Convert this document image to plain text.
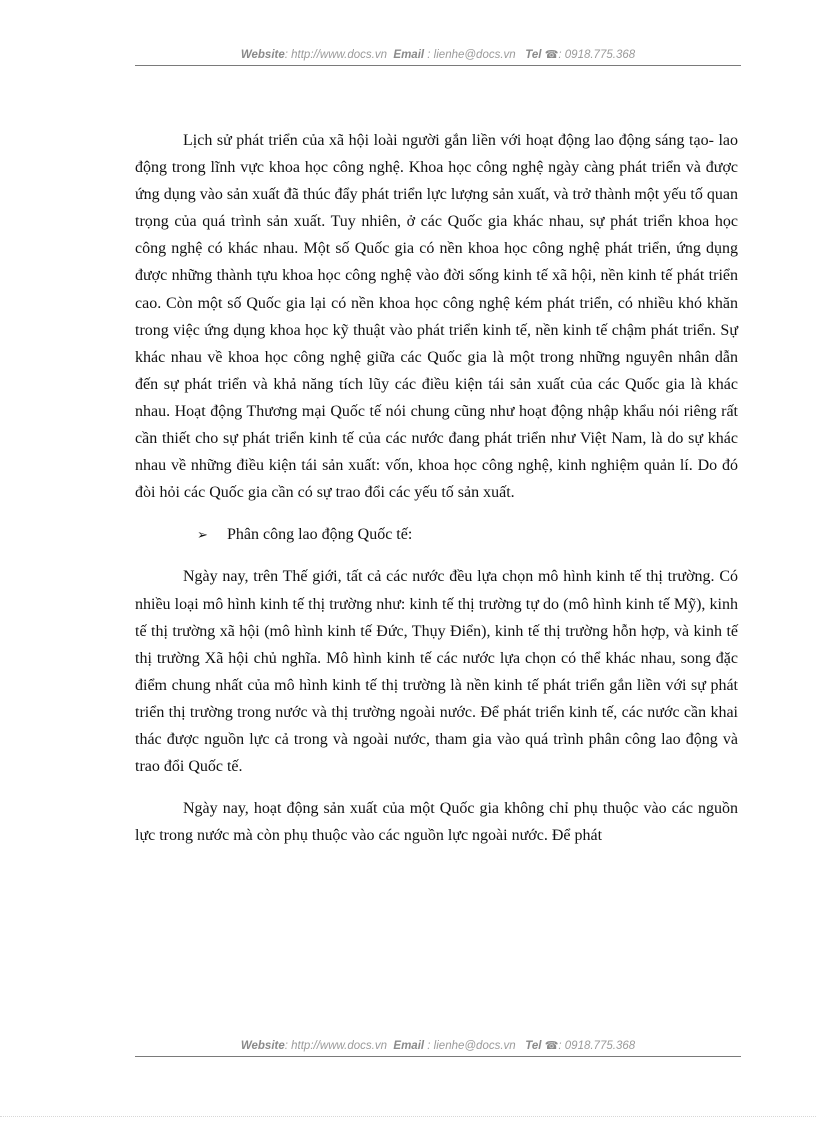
Website: http://www.docs.vn Email : lienhe@docs.vn Tel ☎: 0918.775.368

Lịch sử phát triển của xã hội loài người gắn liền với hoạt động lao động sáng tạo- lao động trong lĩnh vực khoa học công nghệ. Khoa học công nghệ ngày càng phát triển và được ứng dụng vào sản xuất đã thúc đẩy phát triển lực lượng sản xuất, và trở thành một yếu tố quan trọng của quá trình sản xuất. Tuy nhiên, ở các Quốc gia khác nhau, sự phát triển khoa học công nghệ có khác nhau. Một số Quốc gia có nền khoa học công nghệ phát triển, ứng dụng được những thành tựu khoa học công nghệ vào đời sống kinh tế xã hội, nền kinh tế phát triển cao. Còn một số Quốc gia lại có nền khoa học công nghệ kém phát triển, có nhiều khó khăn trong việc ứng dụng khoa học kỹ thuật vào phát triển kinh tế, nền kinh tế chậm phát triển. Sự khác nhau về khoa học công nghệ giữa các Quốc gia là một trong những nguyên nhân dẫn đến sự phát triển và khả năng tích lũy các điều kiện tái sản xuất của các Quốc gia là khác nhau. Hoạt động Thương mại Quốc tế nói chung cũng như hoạt động nhập khẩu nói riêng rất cần thiết cho sự phát triển kinh tế của các nước đang phát triển như Việt Nam, là do sự khác nhau về những điều kiện tái sản xuất: vốn, khoa học công nghệ, kinh nghiệm quản lí. Do đó đòi hỏi các Quốc gia cần có sự trao đổi các yếu tố sản xuất.

➢ Phân công lao động Quốc tế:

Ngày nay, trên Thế giới, tất cả các nước đều lựa chọn mô hình kinh tế thị trường. Có nhiều loại mô hình kinh tế thị trường như: kinh tế thị trường tự do (mô hình kinh tế Mỹ), kinh tế thị trường xã hội (mô hình kinh tế Đức, Thụy Điển), kinh tế thị trường hỗn hợp, và kinh tế thị trường Xã hội chủ nghĩa. Mô hình kinh tế các nước lựa chọn có thể khác nhau, song đặc điểm chung nhất của mô hình kinh tế thị trường là nền kinh tế phát triển gắn liền với sự phát triển thị trường trong nước và thị trường ngoài nước. Để phát triển kinh tế, các nước cần khai thác được nguồn lực cả trong và ngoài nước, tham gia vào quá trình phân công lao động và trao đổi Quốc tế.

Ngày nay, hoạt động sản xuất của một Quốc gia không chỉ phụ thuộc vào các nguồn lực trong nước mà còn phụ thuộc vào các nguồn lực ngoài nước. Để phát

Website: http://www.docs.vn Email : lienhe@docs.vn Tel ☎: 0918.775.368
